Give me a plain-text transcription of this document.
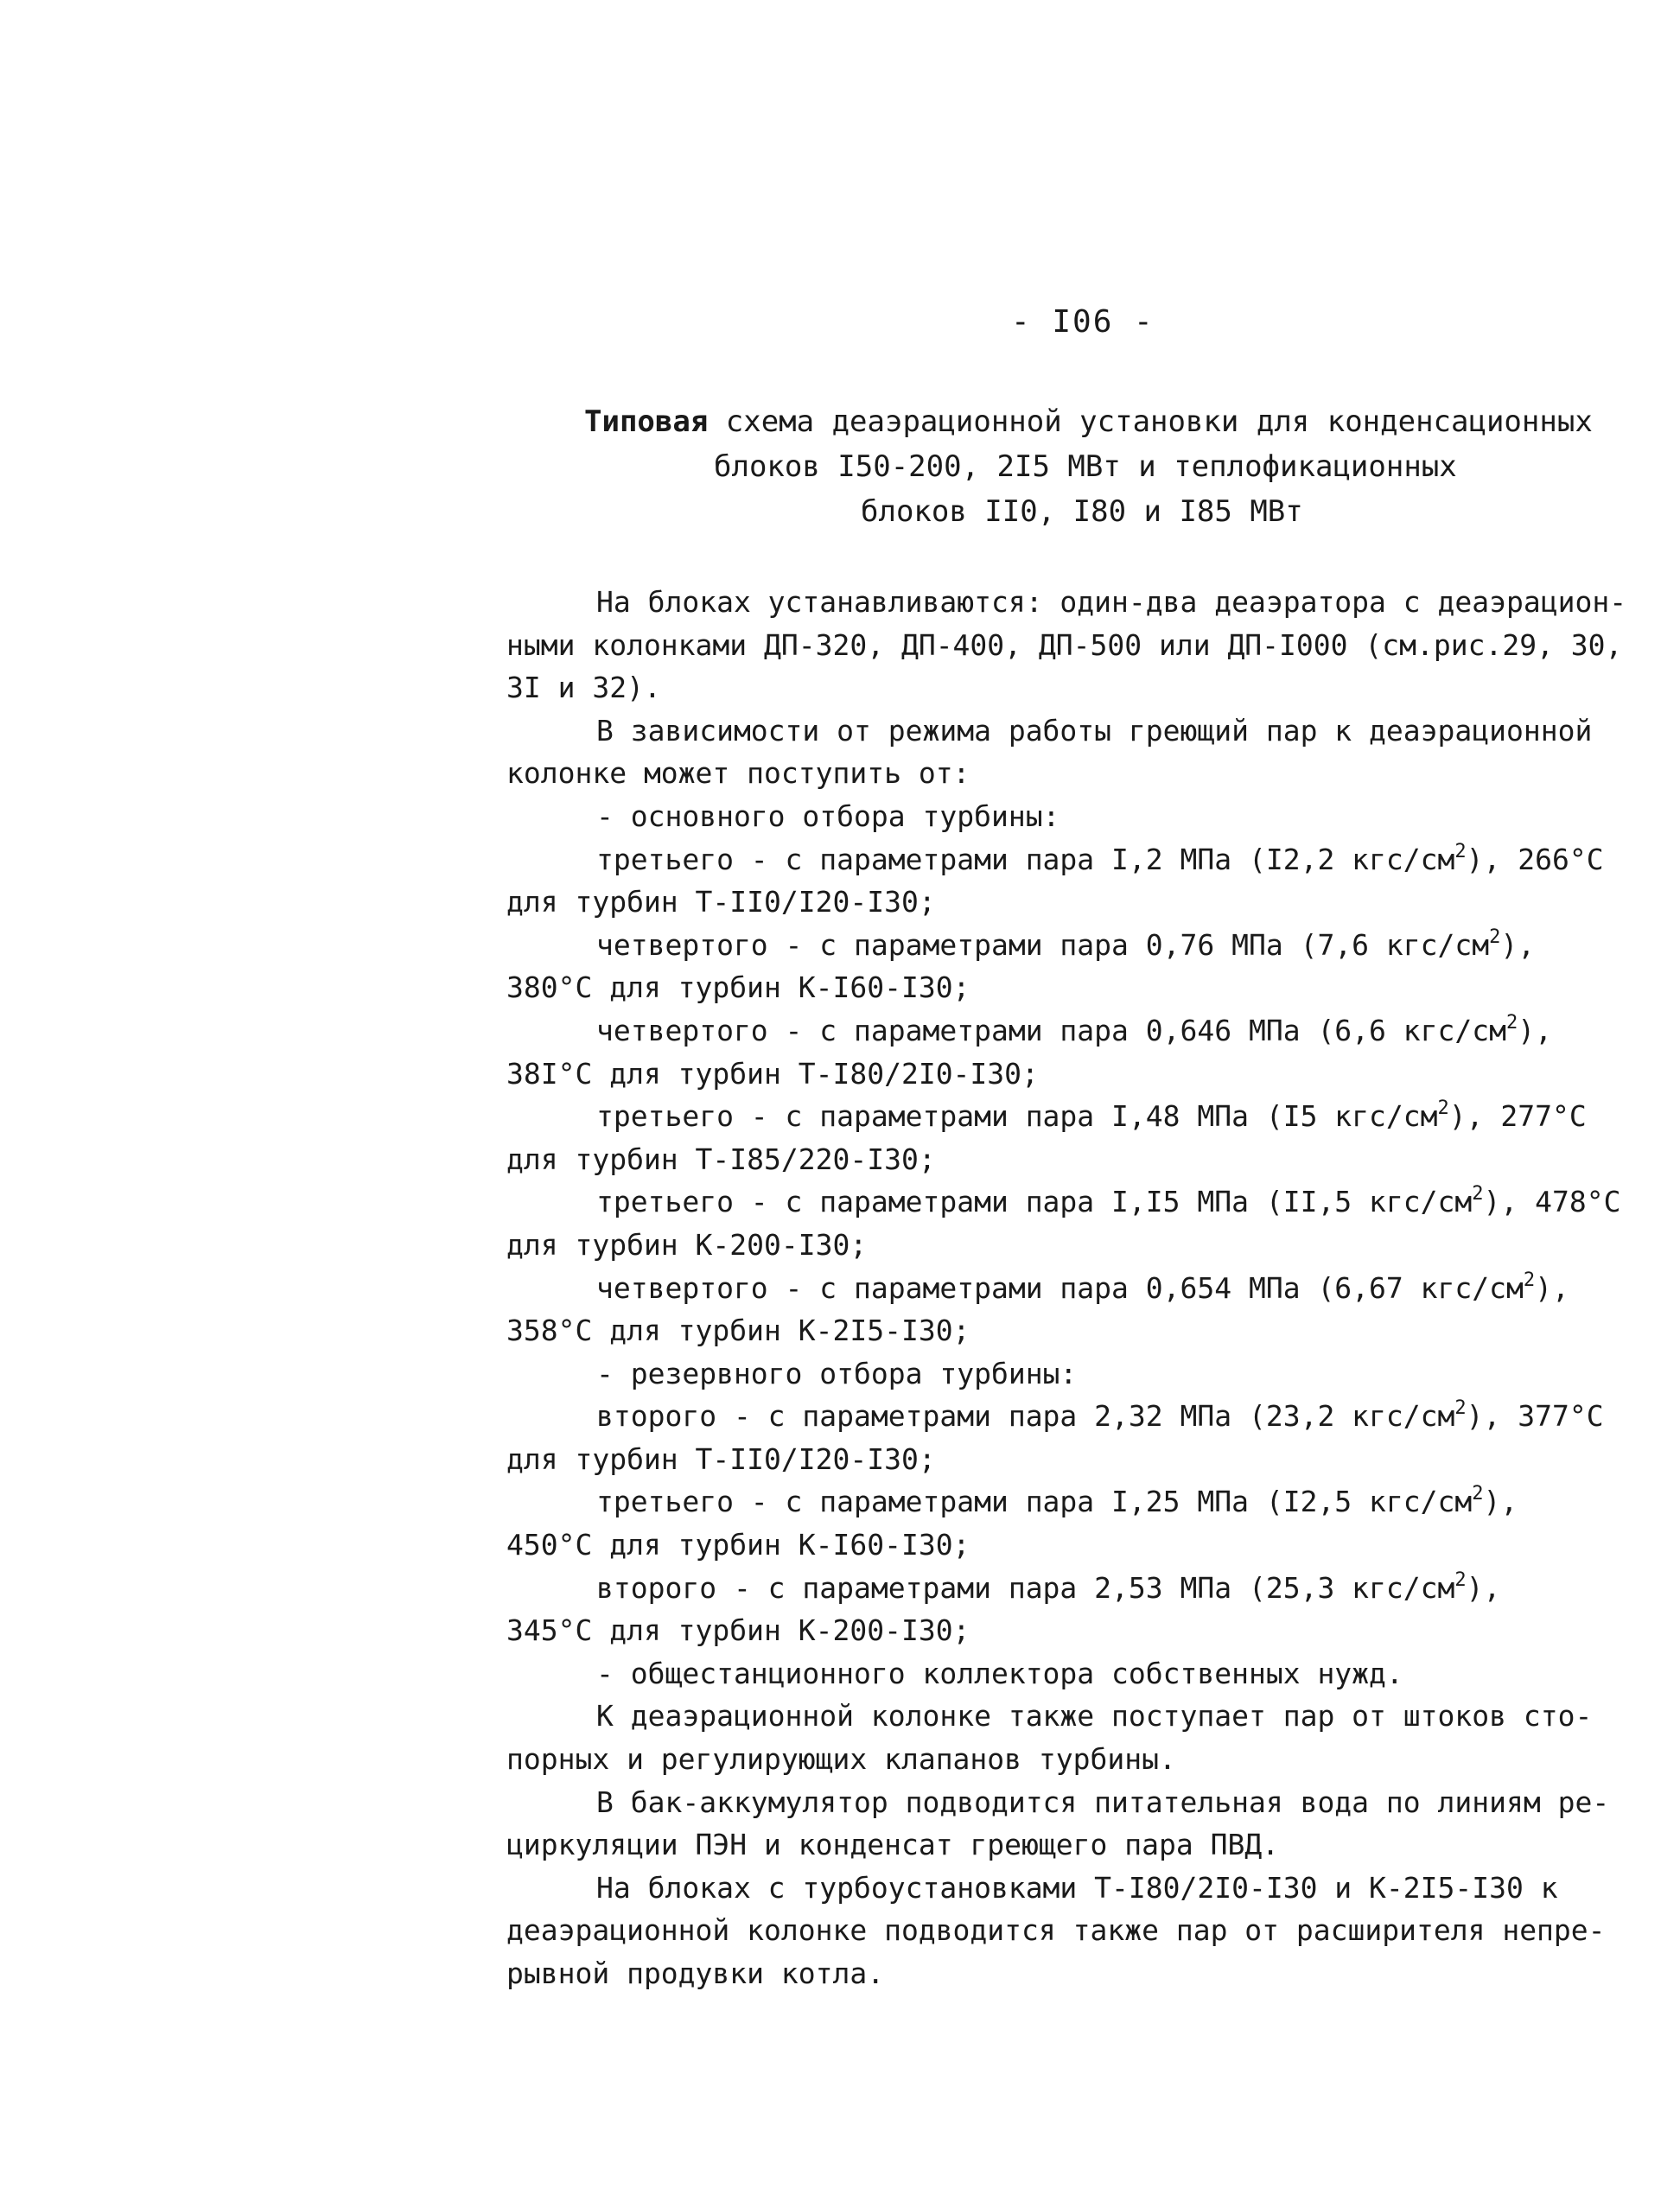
- I06 -
Типовая схема деаэрационной установки для конденсационных
блоков I50-200, 2I5 МВт и теплофикационных
блоков II0, I80 и I85 МВт
На блоках устанавливаются: один-два деаэратора с деаэрацион-
ными колонками ДП-320, ДП-400, ДП-500 или ДП-I000 (см.рис.29, 30,
3I и 32).
В зависимости от режима работы греющий пар к деаэрационной
колонке может поступить от:
- основного отбора турбины:
третьего - с параметрами пара I,2 МПа (I2,2 кгс/$см^2$), 266°C
для турбин Т-II0/I20-I30;
четвертого - с параметрами пара 0,76 МПа (7,6 кгс/$см^2$),
380°C для турбин К-I60-I30;
четвертого - с параметрами пара 0,646 МПа (6,6 кгс/$см^2$),
38I°C для турбин Т-I80/2I0-I30;
третьего - с параметрами пара I,48 МПа (I5 кгс/$см^2$), 277°C
для турбин Т-I85/220-I30;
третьего - с параметрами пара I,I5 МПа (II,5 кгс/$см^2$), 478°C
для турбин К-200-I30;
четвертого - с параметрами пара 0,654 МПа (6,67 кгс/$см^2$),
358°C для турбин К-2I5-I30;
- резервного отбора турбины:
второго - с параметрами пара 2,32 МПа (23,2 кгс/$см^2$), 377°C
для турбин Т-II0/I20-I30;
третьего - с параметрами пара I,25 МПа (I2,5 кгс/$см^2$),
450°C для турбин К-I60-I30;
второго - с параметрами пара 2,53 МПа (25,3 кгс/$см^2$),
345°C для турбин К-200-I30;
- общестанционного коллектора собственных нужд.
К деаэрационной колонке также поступает пар от штоков сто-
порных и регулирующих клапанов турбины.
В бак-аккумулятор подводится питательная вода по линиям ре-
циркуляции ПЭН и конденсат греющего пара ПВД.
На блоках с турбоустановками Т-I80/2I0-I30 и К-2I5-I30 к
деаэрационной колонке подводится также пар от расширителя непре-
рывной продувки котла.
